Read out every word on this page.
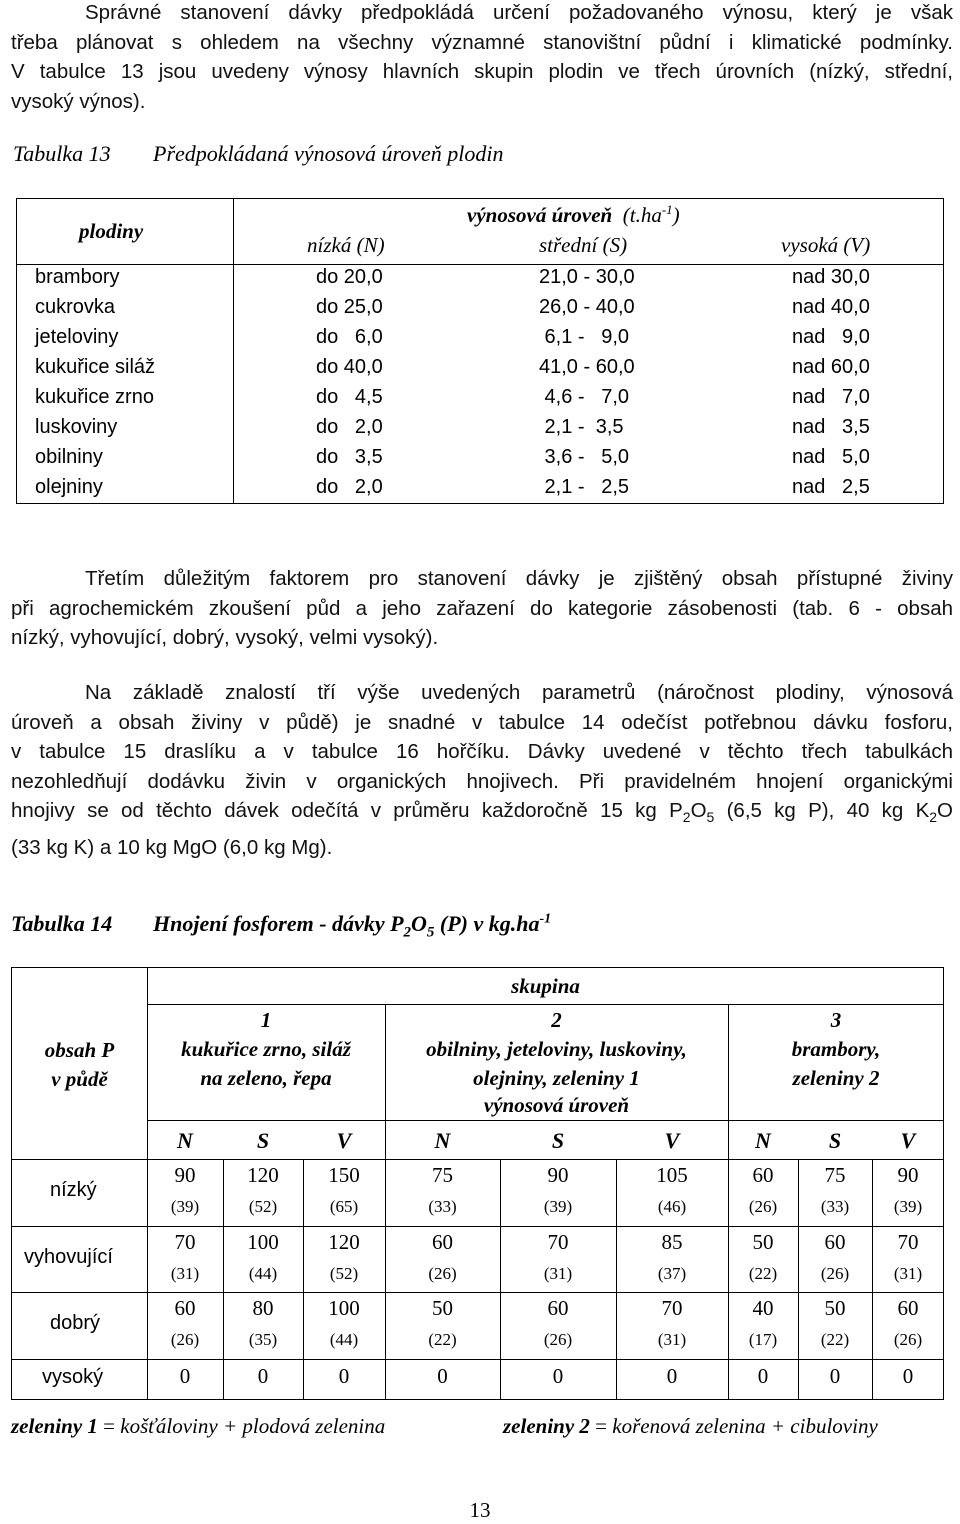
Správné stanovení dávky předpokládá určení požadovaného výnosu, který je však
třeba plánovat s ohledem na všechny významné stanovištní půdní i klimatické podmínky.
V tabulce 13 jsou uvedeny výnosy hlavních skupin plodin ve třech úrovních (nízký, střední,
vysoký výnos).
Tabulka 13 Předpokládaná výnosová úroveň plodin
plodiny
výnosová úroveň $(t.ha^{-1})$
nízká (N)	střední (S)	vysoká (V)
brambory	do 20,0	21,0 - 30,0	nad 30,0
cukrovka	do 25,0	26,0 - 40,0	nad 40,0
jeteloviny	do   6,0	6,1 -   9,0	nad   9,0
kukuřice siláž	do 40,0	41,0 - 60,0	nad 60,0
kukuřice zrno	do   4,5	4,6 -   7,0	nad   7,0
luskoviny	do   2,0	2,1 -  3,5	nad   3,5
obilniny	do   3,5	3,6 -   5,0	nad   5,0
olejniny	do   2,0	2,1 -   2,5	nad   2,5
Třetím důležitým faktorem pro stanovení dávky je zjištěný obsah přístupné živiny
při agrochemickém zkoušení půd a jeho zařazení do kategorie zásobenosti (tab. 6 - obsah
nízký, vyhovující, dobrý, vysoký, velmi vysoký).
Na základě znalostí tří výše uvedených parametrů (náročnost plodiny, výnosová
úroveň a obsah živiny v půdě) je snadné v tabulce 14 odečíst potřebnou dávku fosforu,
v tabulce 15 draslíku a v tabulce 16 hořčíku. Dávky uvedené v těchto třech tabulkách
nezohledňují dodávku živin v organických hnojivech. Při pravidelném hnojení organickými
hnojivy se od těchto dávek odečítá v průměru každoročně 15 kg $P_2O_5$ (6,5 kg P), 40 kg $K_2O$
(33 kg K) a 10 kg MgO (6,0 kg Mg).
Tabulka 14 Hnojení fosforem - dávky $P_2O_5$ (P) v $kg.ha^{-1}$
obsah P
v půdě
skupina
1
kukuřice zrno, siláž
na zeleno, řepa
2
obilniny, jeteloviny, luskoviny,
olejniny, zeleniny 1
3
brambory,
zeleniny 2
výnosová úroveň
N	S	V	N	S	V	N	S	V
nízký
90	120	150	75	90	105	60	75	90
(39)	(52)	(65)	(33)	(39)	(46)	(26)	(33)	(39)
vyhovující
70	100	120	60	70	85	50	60	70
(31)	(44)	(52)	(26)	(31)	(37)	(22)	(26)	(31)
dobrý
60	80	100	50	60	70	40	50	60
(26)	(35)	(44)	(22)	(26)	(31)	(17)	(22)	(26)
vysoký	0	0	0	0	0	0	0	0	0
zeleniny 1 = košťáloviny + plodová zelenina	zeleniny 2 = kořenová zelenina + cibuloviny
13
